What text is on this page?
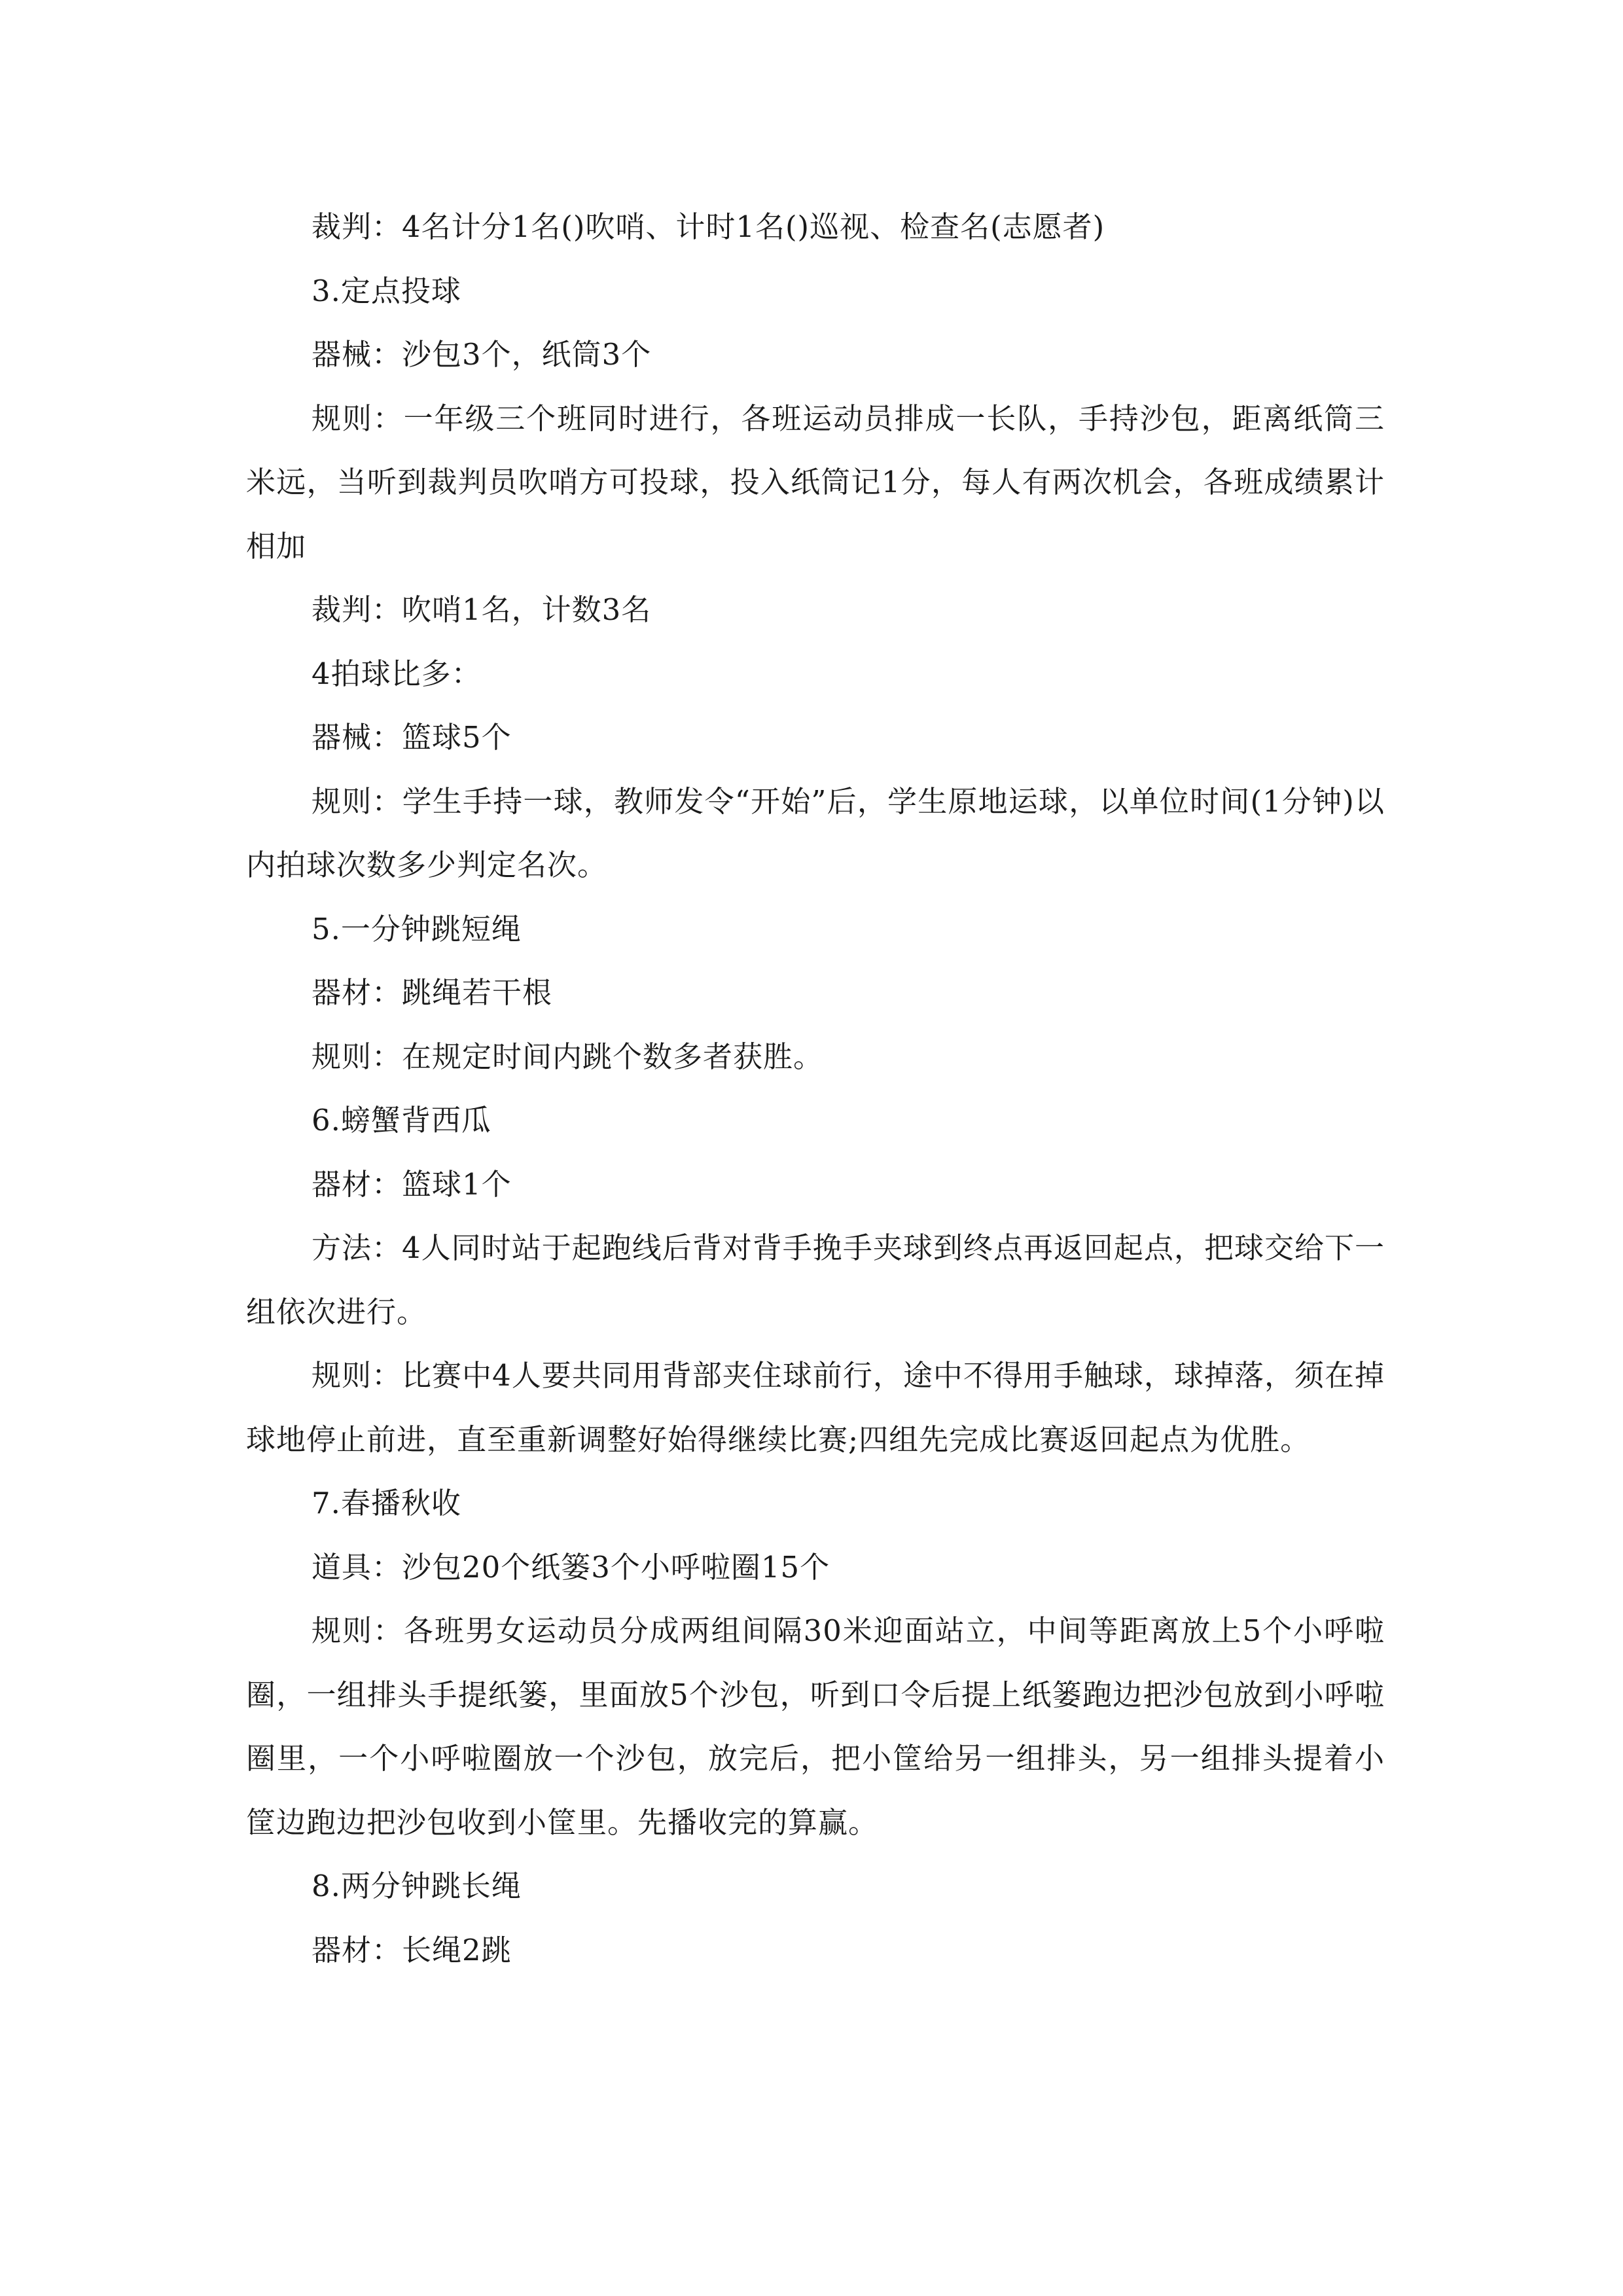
裁判：4名计分1名()吹哨、计时1名()巡视、检查名(志愿者)

3.定点投球

器械：沙包3个，纸筒3个

规则：一年级三个班同时进行，各班运动员排成一长队，手持沙包，距离纸筒三米远，当听到裁判员吹哨方可投球，投入纸筒记1分，每人有两次机会，各班成绩累计相加

裁判：吹哨1名，计数3名

4拍球比多：

器械：篮球5个

规则：学生手持一球，教师发令“开始”后，学生原地运球，以单位时间(1分钟)以内拍球次数多少判定名次。

5.一分钟跳短绳

器材：跳绳若干根

规则：在规定时间内跳个数多者获胜。

6.螃蟹背西瓜

器材：篮球1个

方法：4人同时站于起跑线后背对背手挽手夹球到终点再返回起点，把球交给下一组依次进行。

规则：比赛中4人要共同用背部夹住球前行，途中不得用手触球，球掉落，须在掉球地停止前进，直至重新调整好始得继续比赛;四组先完成比赛返回起点为优胜。

7.春播秋收

道具：沙包20个纸篓3个小呼啦圈15个

规则：各班男女运动员分成两组间隔30米迎面站立，中间等距离放上5个小呼啦圈，一组排头手提纸篓，里面放5个沙包，听到口令后提上纸篓跑边把沙包放到小呼啦圈里，一个小呼啦圈放一个沙包，放完后，把小筐给另一组排头，另一组排头提着小筐边跑边把沙包收到小筐里。先播收完的算赢。

8.两分钟跳长绳

器材：长绳2跳
